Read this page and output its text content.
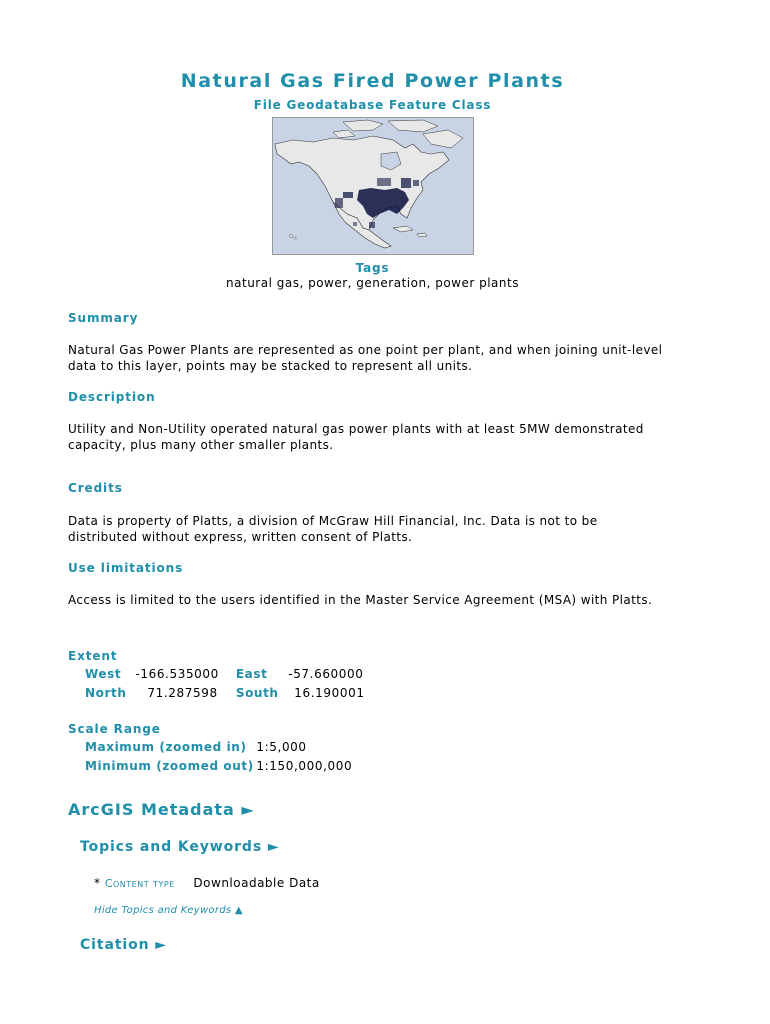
Natural Gas Fired Power Plants
File Geodatabase Feature Class
Tags
natural gas, power, generation, power plants
Summary
Natural Gas Power Plants are represented as one point per plant, and when joining unit-level data to this layer, points may be stacked to represent all units.
Description
Utility and Non-Utility operated natural gas power plants with at least 5MW demonstrated capacity, plus many other smaller plants.
Credits
Data is property of Platts, a division of McGraw Hill Financial, Inc. Data is not to be distributed without express, written consent of Platts.
Use limitations
Access is limited to the users identified in the Master Service Agreement (MSA) with Platts.
Extent
West -166.535000 East -57.660000
North 71.287598 South 16.190001
Scale Range
Maximum (zoomed in) 1:5,000
Minimum (zoomed out) 1:150,000,000
ArcGIS Metadata ►
Topics and Keywords ►
* Content type Downloadable Data
Hide Topics and Keywords ▲
Citation ►
